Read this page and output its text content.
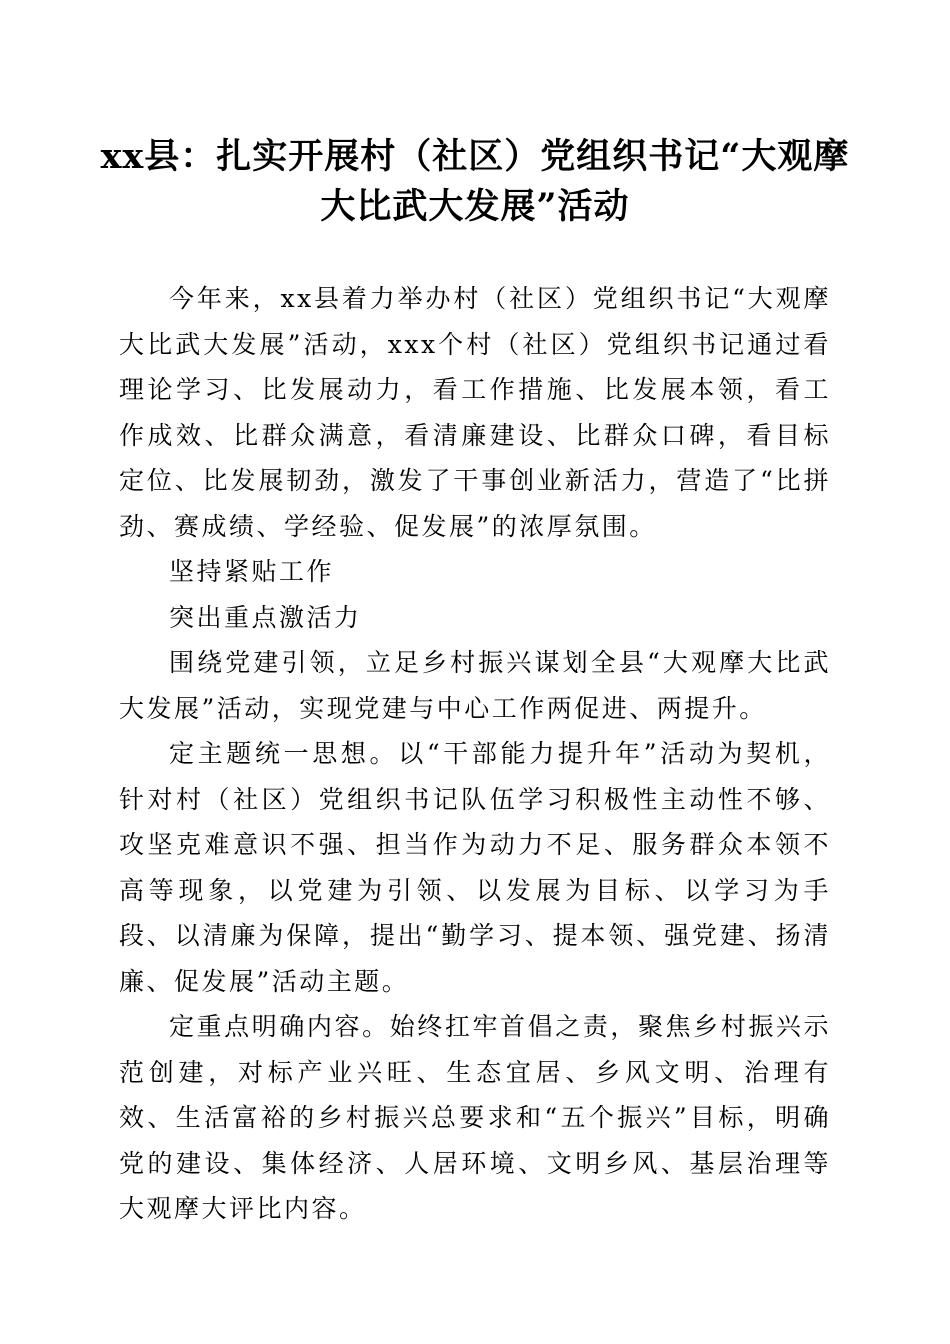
xx县：扎实开展村（社区）党组织书记“大观摩大比武大发展”活动

今年来，xx县着力举办村（社区）党组织书记“大观摩大比武大发展”活动，xxx个村（社区）党组织书记通过看理论学习、比发展动力，看工作措施、比发展本领，看工作成效、比群众满意，看清廉建设、比群众口碑，看目标定位、比发展韧劲，激发了干事创业新活力，营造了“比拼劲、赛成绩、学经验、促发展”的浓厚氛围。

坚持紧贴工作

突出重点激活力

围绕党建引领，立足乡村振兴谋划全县“大观摩大比武大发展”活动，实现党建与中心工作两促进、两提升。

定主题统一思想。以“干部能力提升年”活动为契机，针对村（社区）党组织书记队伍学习积极性主动性不够、攻坚克难意识不强、担当作为动力不足、服务群众本领不高等现象，以党建为引领、以发展为目标、以学习为手段、以清廉为保障，提出“勤学习、提本领、强党建、扬清廉、促发展”活动主题。

定重点明确内容。始终扛牢首倡之责，聚焦乡村振兴示范创建，对标产业兴旺、生态宜居、乡风文明、治理有效、生活富裕的乡村振兴总要求和“五个振兴”目标，明确党的建设、集体经济、人居环境、文明乡风、基层治理等大观摩大评比内容。
